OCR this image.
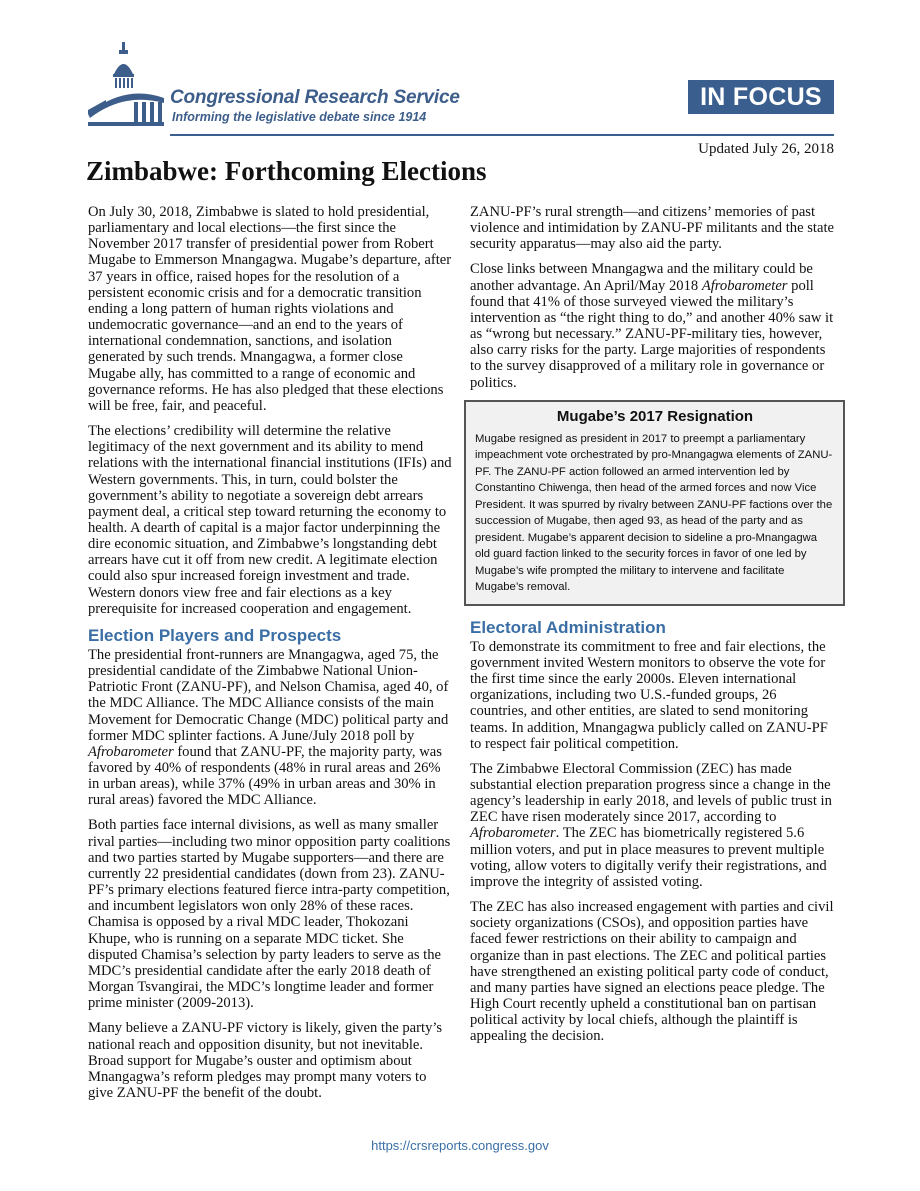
Congressional Research Service
Informing the legislative debate since 1914
IN FOCUS
Updated July 26, 2018
Zimbabwe: Forthcoming Elections

On July 30, 2018, Zimbabwe is slated to hold presidential, parliamentary and local elections—the first since the November 2017 transfer of presidential power from Robert Mugabe to Emmerson Mnangagwa. Mugabe’s departure, after 37 years in office, raised hopes for the resolution of a persistent economic crisis and for a democratic transition ending a long pattern of human rights violations and undemocratic governance—and an end to the years of international condemnation, sanctions, and isolation generated by such trends. Mnangagwa, a former close Mugabe ally, has committed to a range of economic and governance reforms. He has also pledged that these elections will be free, fair, and peaceful.

The elections’ credibility will determine the relative legitimacy of the next government and its ability to mend relations with the international financial institutions (IFIs) and Western governments. This, in turn, could bolster the government’s ability to negotiate a sovereign debt arrears payment deal, a critical step toward returning the economy to health. A dearth of capital is a major factor underpinning the dire economic situation, and Zimbabwe’s longstanding debt arrears have cut it off from new credit. A legitimate election could also spur increased foreign investment and trade. Western donors view free and fair elections as a key prerequisite for increased cooperation and engagement.

Election Players and Prospects

The presidential front-runners are Mnangagwa, aged 75, the presidential candidate of the Zimbabwe National Union-Patriotic Front (ZANU-PF), and Nelson Chamisa, aged 40, of the MDC Alliance. The MDC Alliance consists of the main Movement for Democratic Change (MDC) political party and former MDC splinter factions. A June/July 2018 poll by Afrobarometer found that ZANU-PF, the majority party, was favored by 40% of respondents (48% in rural areas and 26% in urban areas), while 37% (49% in urban areas and 30% in rural areas) favored the MDC Alliance.

Both parties face internal divisions, as well as many smaller rival parties—including two minor opposition party coalitions and two parties started by Mugabe supporters—and there are currently 22 presidential candidates (down from 23). ZANU-PF’s primary elections featured fierce intra-party competition, and incumbent legislators won only 28% of these races. Chamisa is opposed by a rival MDC leader, Thokozani Khupe, who is running on a separate MDC ticket. She disputed Chamisa’s selection by party leaders to serve as the MDC’s presidential candidate after the early 2018 death of Morgan Tsvangirai, the MDC’s longtime leader and former prime minister (2009-2013).

Many believe a ZANU-PF victory is likely, given the party’s national reach and opposition disunity, but not inevitable. Broad support for Mugabe’s ouster and optimism about Mnangagwa’s reform pledges may prompt many voters to give ZANU-PF the benefit of the doubt.

ZANU-PF’s rural strength—and citizens’ memories of past violence and intimidation by ZANU-PF militants and the state security apparatus—may also aid the party.

Close links between Mnangagwa and the military could be another advantage. An April/May 2018 Afrobarometer poll found that 41% of those surveyed viewed the military’s intervention as “the right thing to do,” and another 40% saw it as “wrong but necessary.” ZANU-PF-military ties, however, also carry risks for the party. Large majorities of respondents to the survey disapproved of a military role in governance or politics.

Mugabe’s 2017 Resignation

Mugabe resigned as president in 2017 to preempt a parliamentary impeachment vote orchestrated by pro-Mnangagwa elements of ZANU-PF. The ZANU-PF action followed an armed intervention led by Constantino Chiwenga, then head of the armed forces and now Vice President. It was spurred by rivalry between ZANU-PF factions over the succession of Mugabe, then aged 93, as head of the party and as president. Mugabe’s apparent decision to sideline a pro-Mnangagwa old guard faction linked to the security forces in favor of one led by Mugabe’s wife prompted the military to intervene and facilitate Mugabe’s removal.

Electoral Administration

To demonstrate its commitment to free and fair elections, the government invited Western monitors to observe the vote for the first time since the early 2000s. Eleven international organizations, including two U.S.-funded groups, 26 countries, and other entities, are slated to send monitoring teams. In addition, Mnangagwa publicly called on ZANU-PF to respect fair political competition.

The Zimbabwe Electoral Commission (ZEC) has made substantial election preparation progress since a change in the agency’s leadership in early 2018, and levels of public trust in ZEC have risen moderately since 2017, according to Afrobarometer. The ZEC has biometrically registered 5.6 million voters, and put in place measures to prevent multiple voting, allow voters to digitally verify their registrations, and improve the integrity of assisted voting.

The ZEC has also increased engagement with parties and civil society organizations (CSOs), and opposition parties have faced fewer restrictions on their ability to campaign and organize than in past elections. The ZEC and political parties have strengthened an existing political party code of conduct, and many parties have signed an elections peace pledge. The High Court recently upheld a constitutional ban on partisan political activity by local chiefs, although the plaintiff is appealing the decision.

https://crsreports.congress.gov
